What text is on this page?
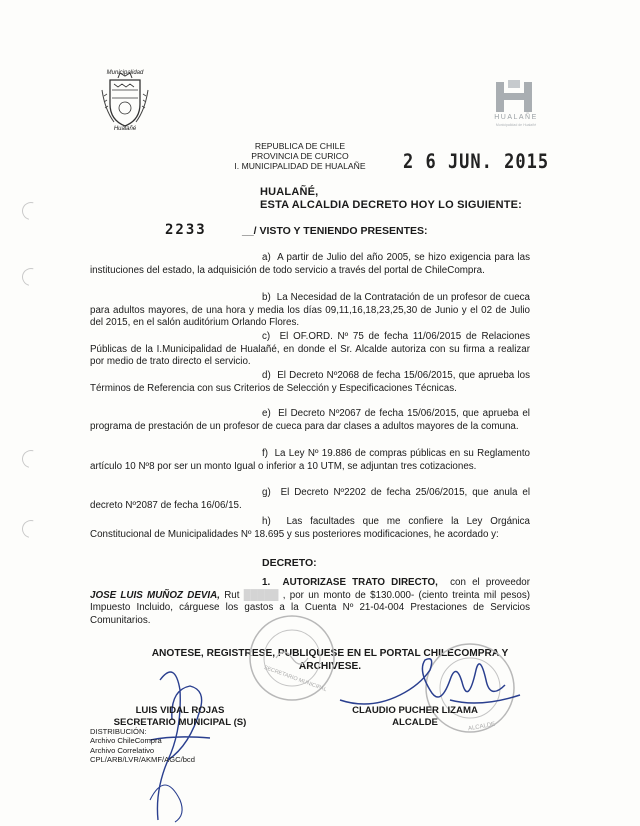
Municipalidad
Hualañé
HUALAÑE
Municipalidad de Hualañé
REPUBLICA DE CHILE
PROVINCIA DE CURICO
I. MUNICIPALIDAD DE HUALAÑE	2 6 JUN. 2015
HUALAÑÉ,
ESTA ALCALDIA DECRETO HOY LO SIGUIENTE:
2233	__/ VISTO Y TENIENDO PRESENTES:
a) A partir de Julio del año 2005, se hizo exigencia para las instituciones del estado, la adquisición de todo servicio a través del portal de ChileCompra.
b) La Necesidad de la Contratación de un profesor de cueca para adultos mayores, de una hora y media los días 09,11,16,18,23,25,30 de Junio y el 02 de Julio del 2015, en el salón auditórium Orlando Flores.
c) El OF.ORD. Nº 75 de fecha 11/06/2015 de Relaciones Públicas de la I.Municipalidad de Hualañé, en donde el Sr. Alcalde autoriza con su firma a realizar por medio de trato directo el servicio.
d) El Decreto Nº2068 de fecha 15/06/2015, que aprueba los Términos de Referencia con sus Criterios de Selección y Especificaciones Técnicas.
e) El Decreto Nº2067 de fecha 15/06/2015, que aprueba el programa de prestación de un profesor de cueca para dar clases a adultos mayores de la comuna.
f) La Ley Nº 19.886 de compras públicas en su Reglamento artículo 10 Nº8 por ser un monto Igual o inferior a 10 UTM, se adjuntan tres cotizaciones.
g) El Decreto Nº2202 de fecha 25/06/2015, que anula el decreto Nº2087 de fecha 16/06/15.
h) Las facultades que me confiere la Ley Orgánica Constitucional de Municipalidades Nº 18.695 y sus posteriores modificaciones, he acordado y:
DECRETO:
1. AUTORIZASE TRATO DIRECTO, con el proveedor JOSE LUIS MUÑOZ DEVIA, Rut █████ , por un monto de $130.000- (ciento treinta mil pesos) Impuesto Incluido, cárguese los gastos a la Cuenta Nº 21-04-004 Prestaciones de Servicios Comunitarios.
ANOTESE, REGISTRESE, PUBLIQUESE EN EL PORTAL CHILECOMPRA Y
ARCHIVESE.
LUIS VIDAL ROJAS
SECRETARIO MUNICIPAL (S)
CLAUDIO PUCHER LIZAMA
ALCALDE
DISTRIBUCIÓN:
Archivo ChileCompra
Archivo Correlativo
CPL/ARB/LVR/AKMF/AGC/bcd
SECRETARIO MUNICIPAL
ALCALDE
